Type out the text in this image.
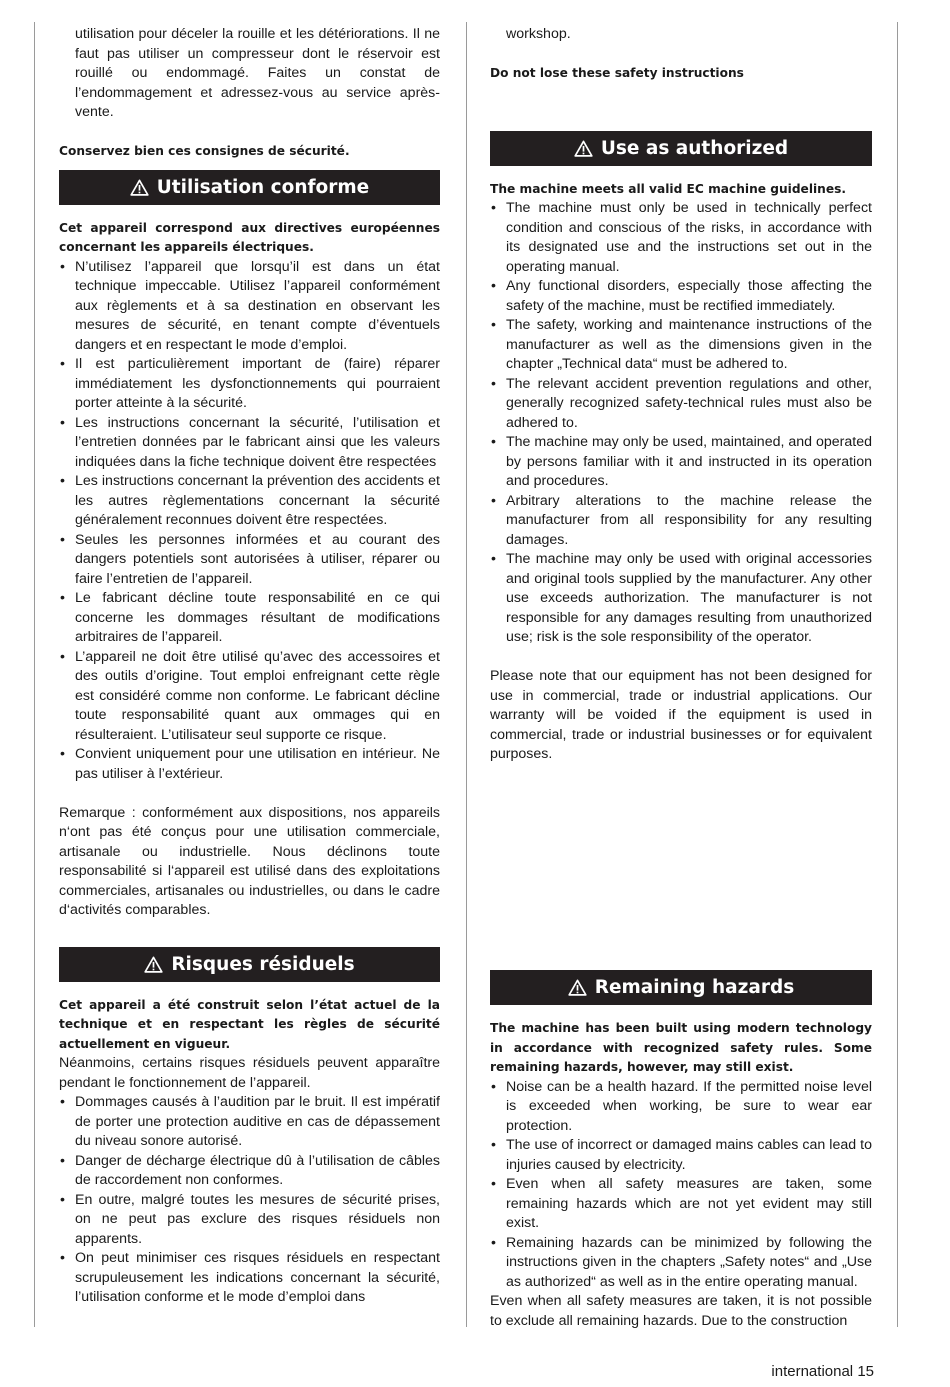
utilisation pour déceler la rouille et les détériorations. Il ne faut pas utiliser un compresseur dont le réservoir est rouillé ou endommagé. Faites un constat de l’endommagement et adressez-vous au service après-vente.

Conservez bien ces consignes de sécurité.

Utilisation conforme

Cet appareil correspond aux directives européennes concernant les appareils électriques.

• N’utilisez l’appareil que lorsqu’il est dans un état technique impeccable. Utilisez l’appareil conformément aux règlements et à sa destination en observant les mesures de sécurité, en tenant compte d’éventuels dangers et en respectant le mode d’emploi.
• Il est particulièrement important de (faire) réparer immédiatement les dysfonctionnements qui pourraient porter atteinte à la sécurité.
• Les instructions concernant la sécurité, l’utilisation et l’entretien données par le fabricant ainsi que les valeurs indiquées dans la fiche technique doivent être respectées
• Les instructions concernant la prévention des accidents et les autres règlementations concernant la sécurité généralement reconnues doivent être respectées.
• Seules les personnes informées et au courant des dangers potentiels sont autorisées à utiliser, réparer ou faire l’entretien de l’appareil.
• Le fabricant décline toute responsabilité en ce qui concerne les dommages résultant de modifications arbitraires de l’appareil.
• L’appareil ne doit être utilisé qu’avec des accessoires et des outils d’origine. Tout emploi enfreignant cette règle est considéré comme non conforme. Le fabricant décline toute responsabilité quant aux ommages qui en résulteraient. L’utilisateur seul supporte ce risque.
• Convient uniquement pour une utilisation en intérieur. Ne pas utiliser à l’extérieur.

Remarque : conformément aux dispositions, nos appareils n‘ont pas été conçus pour une utilisation commerciale, artisanale ou industrielle. Nous déclinons toute responsabilité si l‘appareil est utilisé dans des exploitations commerciales, artisanales ou industrielles, ou dans le cadre d‘activités comparables.

Risques résiduels

Cet appareil a été construit selon l’état actuel de la technique et en respectant les règles de sécurité actuellement en vigueur.

Néanmoins, certains risques résiduels peuvent apparaître pendant le fonctionnement de l’appareil.

• Dommages causés à l’audition par le bruit. Il est impératif de porter une protection auditive en cas de dépassement du niveau sonore autorisé.
• Danger de décharge électrique dû à l’utilisation de câbles de raccordement non conformes.
• En outre, malgré toutes les mesures de sécurité prises, on ne peut pas exclure des risques résiduels non apparents.
• On peut minimiser ces risques résiduels en respectant scrupuleusement les indications concernant la sécurité, l’utilisation conforme et le mode d’emploi dans

workshop.

Do not lose these safety instructions

Use as authorized

The machine meets all valid EC machine guidelines.

• The machine must only be used in technically perfect condition and conscious of the risks, in accordance with its designated use and the instructions set out in the operating manual.
• Any functional disorders, especially those affecting the safety of the machine, must be rectified immediately.
• The safety, working and maintenance instructions of the manufacturer as well as the dimensions given in the chapter „Technical data“ must be adhered to.
• The relevant accident prevention regulations and other, generally recognized safety-technical rules must also be adhered to.
• The machine may only be used, maintained, and operated by persons familiar with it and instructed in its operation and procedures.
• Arbitrary alterations to the machine release the manufacturer from all responsibility for any resulting damages.
• The machine may only be used with original accessories and original tools supplied by the manufacturer. Any other use exceeds authorization. The manufacturer is not responsible for any damages resulting from unauthorized use; risk is the sole responsibility of the operator.

Please note that our equipment has not been designed for use in commercial, trade or industrial applications. Our warranty will be voided if the equipment is used in commercial, trade or industrial businesses or for equivalent purposes.

Remaining hazards

The machine has been built using modern technology in accordance with recognized safety rules. Some remaining hazards, however, may still exist.

• Noise can be a health hazard. If the permitted noise level is exceeded when working, be sure to wear ear protection.
• The use of incorrect or damaged mains cables can lead to injuries caused by electricity.
• Even when all safety measures are taken, some remaining hazards which are not yet evident may still exist.
• Remaining hazards can be minimized by following the instructions given in the chapters „Safety notes“ and „Use as authorized“ as well as in the entire operating manual.

Even when all safety measures are taken, it is not possible to exclude all remaining hazards. Due to the construction

international 15
